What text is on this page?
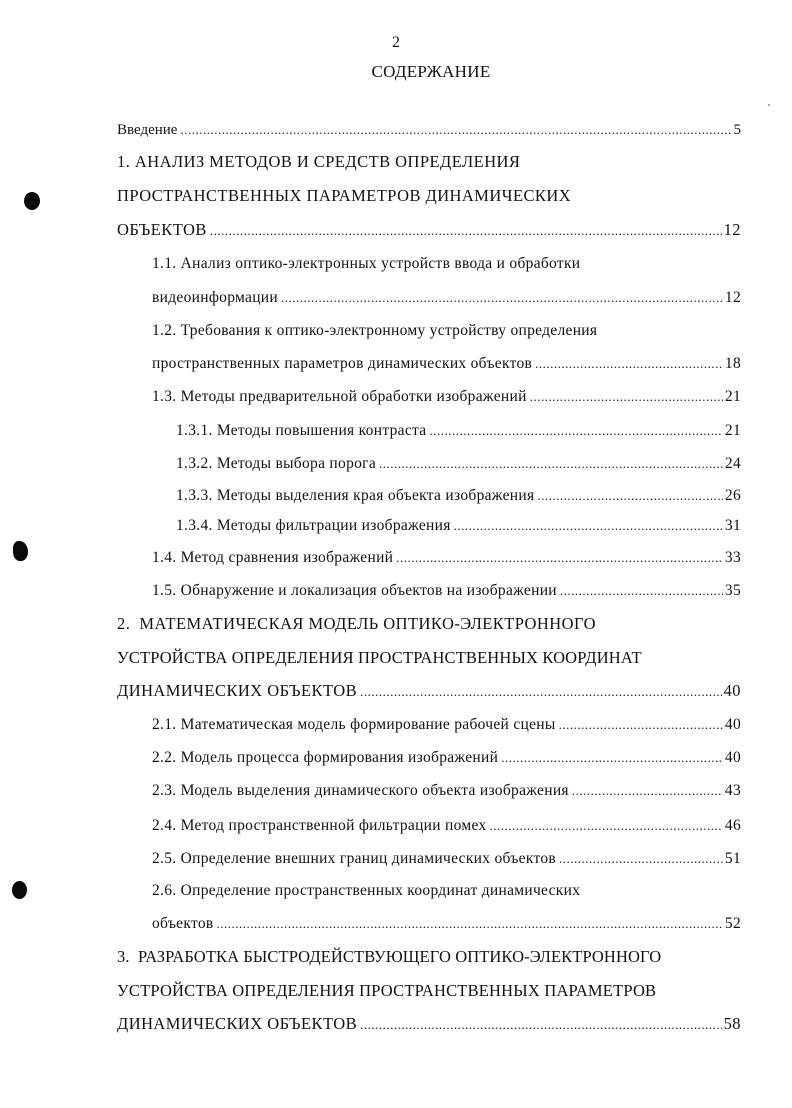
2
СОДЕРЖАНИЕ
Введение .....	5
1. АНАЛИЗ МЕТОДОВ И СРЕДСТВ ОПРЕДЕЛЕНИЯ
ПРОСТРАНСТВЕННЫХ ПАРАМЕТРОВ ДИНАМИЧЕСКИХ
ОБЪЕКТОВ .....	12
1.1. Анализ оптико-электронных устройств ввода и обработки
видеоинформации .....	12
1.2. Требования к оптико-электронному устройству определения
пространственных параметров динамических объектов .....	18
1.3. Методы предварительной обработки изображений .....	21
1.3.1. Методы повышения контраста .....	21
1.3.2. Методы выбора порога .....	24
1.3.3. Методы выделения края объекта изображения .....	26
1.3.4. Методы фильтрации изображения .....	31
1.4. Метод сравнения изображений .....	33
1.5. Обнаружение и локализация объектов на изображении .....	35
2.  МАТЕМАТИЧЕСКАЯ МОДЕЛЬ ОПТИКО-ЭЛЕКТРОННОГО
УСТРОЙСТВА ОПРЕДЕЛЕНИЯ ПРОСТРАНСТВЕННЫХ КООРДИНАТ
ДИНАМИЧЕСКИХ ОБЪЕКТОВ .....	40
2.1. Математическая модель формирование рабочей сцены .....	40
2.2. Модель процесса формирования изображений .....	40
2.3. Модель выделения динамического объекта изображения .....	43
2.4. Метод пространственной фильтрации помех .....	46
2.5. Определение внешних границ динамических объектов .....	51
2.6. Определение пространственных координат динамических
объектов .....	52
3.  РАЗРАБОТКА БЫСТРОДЕЙСТВУЮЩЕГО ОПТИКО-ЭЛЕКТРОННОГО
УСТРОЙСТВА ОПРЕДЕЛЕНИЯ ПРОСТРАНСТВЕННЫХ ПАРАМЕТРОВ
ДИНАМИЧЕСКИХ ОБЪЕКТОВ .....	58
